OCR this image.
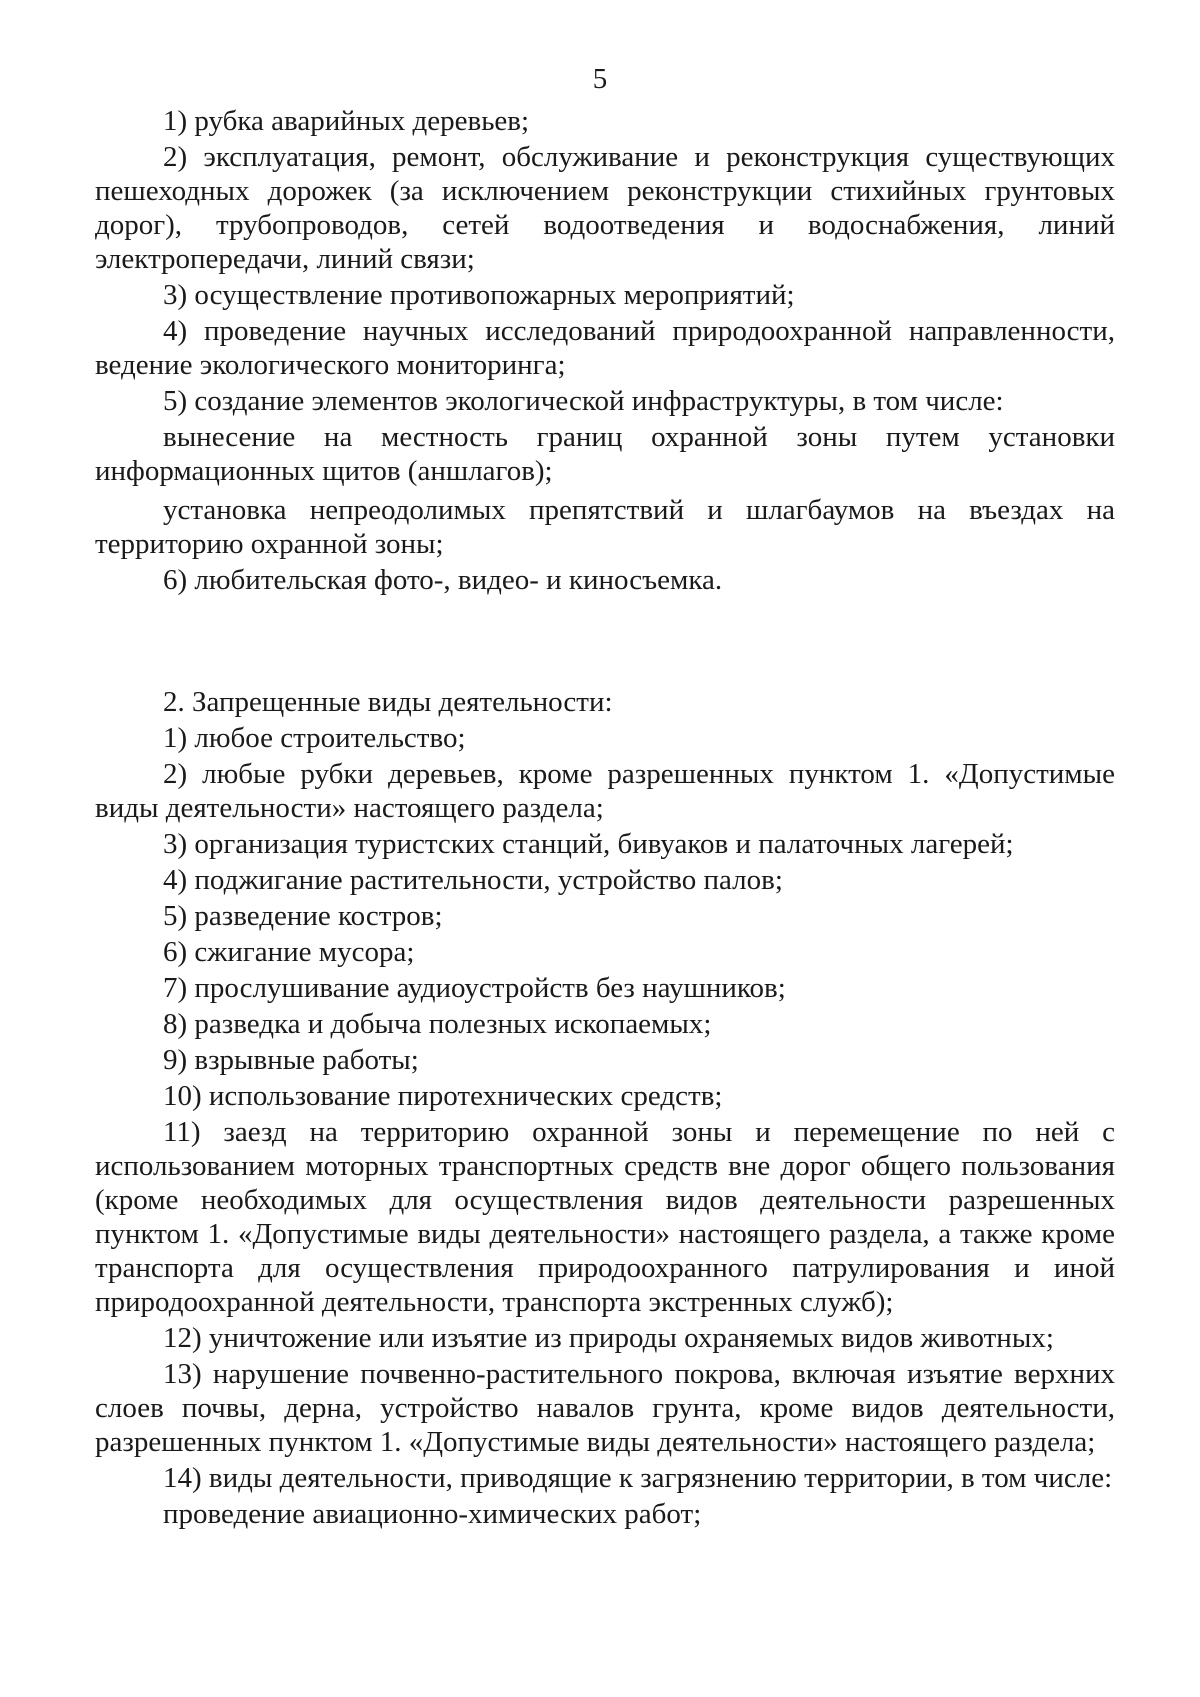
5

1) рубка аварийных деревьев;

2) эксплуатация, ремонт, обслуживание и реконструкция существующих пешеходных дорожек (за исключением реконструкции стихийных грунтовых дорог), трубопроводов, сетей водоотведения и водоснабжения, линий электропередачи, линий связи;

3) осуществление противопожарных мероприятий;

4) проведение научных исследований природоохранной направленности, ведение экологического мониторинга;

5) создание элементов экологической инфраструктуры, в том числе:

вынесение на местность границ охранной зоны путем установки информационных щитов (аншлагов);

установка непреодолимых препятствий и шлагбаумов на въездах на территорию охранной зоны;

6) любительская фото-, видео- и киносъемка.

2. Запрещенные виды деятельности:

1) любое строительство;

2) любые рубки деревьев, кроме разрешенных пунктом 1. «Допустимые виды деятельности» настоящего раздела;

3) организация туристских станций, бивуаков и палаточных лагерей;

4) поджигание растительности, устройство палов;

5) разведение костров;

6) сжигание мусора;

7) прослушивание аудиоустройств без наушников;

8) разведка и добыча полезных ископаемых;

9) взрывные работы;

10) использование пиротехнических средств;

11) заезд на территорию охранной зоны и перемещение по ней с использованием моторных транспортных средств вне дорог общего пользования (кроме необходимых для осуществления видов деятельности разрешенных пунктом 1. «Допустимые виды деятельности» настоящего раздела, а также кроме транспорта для осуществления природоохранного патрулирования и иной природоохранной деятельности, транспорта экстренных служб);

12) уничтожение или изъятие из природы охраняемых видов животных;

13) нарушение почвенно-растительного покрова, включая изъятие верхних слоев почвы, дерна, устройство навалов грунта, кроме видов деятельности, разрешенных пунктом 1. «Допустимые виды деятельности» настоящего раздела;

14) виды деятельности, приводящие к загрязнению территории, в том числе:

проведение авиационно-химических работ;
